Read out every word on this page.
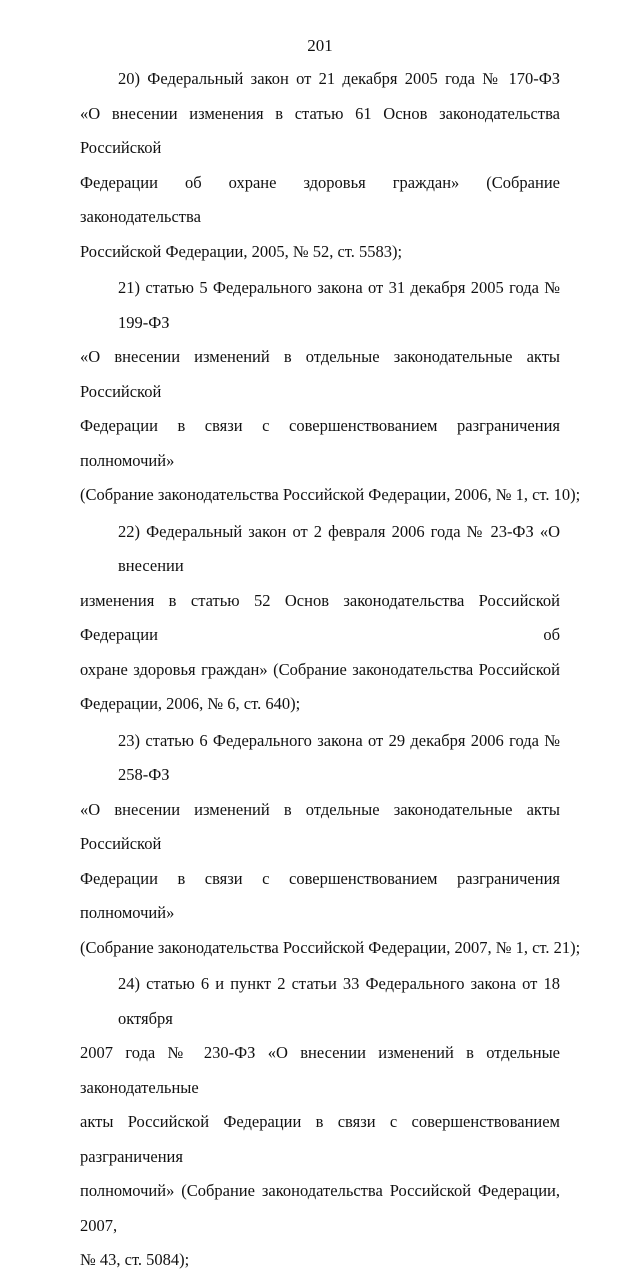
201

20) Федеральный закон от 21 декабря 2005 года № 170-ФЗ
«О внесении изменения в статью 61 Основ законодательства Российской
Федерации об охране здоровья граждан» (Собрание законодательства
Российской Федерации, 2005, № 52, ст. 5583);

21) статью 5 Федерального закона от 31 декабря 2005 года № 199-ФЗ
«О внесении изменений в отдельные законодательные акты Российской
Федерации в связи с совершенствованием разграничения полномочий»
(Собрание законодательства Российской Федерации, 2006, № 1, ст. 10);

22) Федеральный закон от 2 февраля 2006 года № 23-ФЗ «О внесении
изменения в статью 52 Основ законодательства Российской Федерации об
охране здоровья граждан» (Собрание законодательства Российской
Федерации, 2006, № 6, ст. 640);

23) статью 6 Федерального закона от 29 декабря 2006 года № 258-ФЗ
«О внесении изменений в отдельные законодательные акты Российской
Федерации в связи с совершенствованием разграничения полномочий»
(Собрание законодательства Российской Федерации, 2007, № 1, ст. 21);

24) статью 6 и пункт 2 статьи 33 Федерального закона от 18 октября
2007 года № 230-ФЗ «О внесении изменений в отдельные законодательные
акты Российской Федерации в связи с совершенствованием разграничения
полномочий» (Собрание законодательства Российской Федерации, 2007,
№ 43, ст. 5084);
